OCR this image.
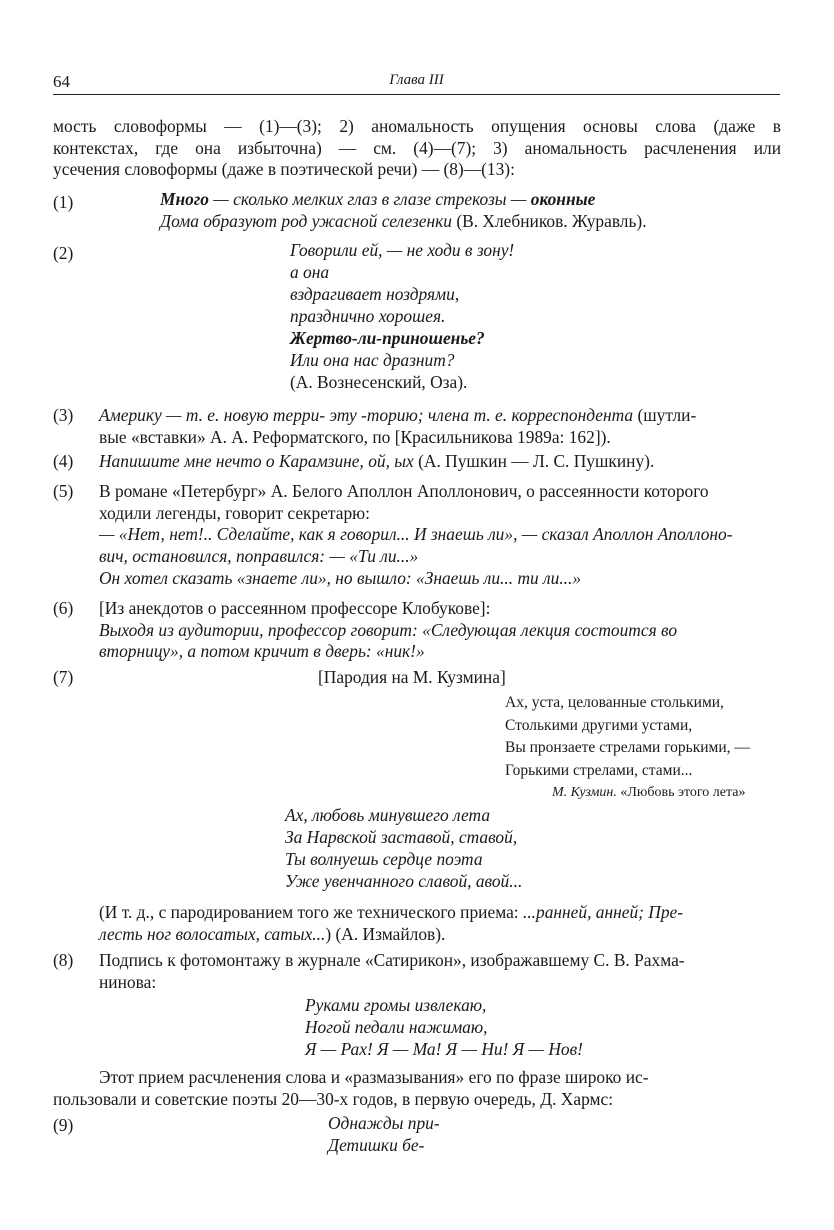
64	Глава III
мость словоформы — (1)—(3); 2) аномальность опущения основы слова (даже в
контекстах, где она избыточна) — см. (4)—(7); 3) аномальность расчленения или
усечения словоформы (даже в поэтической речи) — (8)—(13):
(1)	Много — сколько мелких глаз в глазе стрекозы — оконные
Дома образуют род ужасной селезенки (В. Хлебников. Журавль).
(2)	Говорили ей, — не ходи в зону!
а она
вздрагивает ноздрями,
празднично хорошея.
Жертво-ли-приношенье?
Или она нас дразнит?
(А. Вознесенский, Оза).
(3) Америку — т. е. новую терри- эту -торию; члена т. е. корреспондента (шутли-
вые «вставки» А. А. Реформатского, по [Красильникова 1989а: 162]).
(4) Напишите мне нечто о Карамзине, ой, ых (А. Пушкин — Л. С. Пушкину).
(5) В романе «Петербург» А. Белого Аполлон Аполлонович, о рассеянности которого
ходили легенды, говорит секретарю:
— «Нет, нет!.. Сделайте, как я говорил... И знаешь ли», — сказал Аполлон Аполлоно-
вич, остановился, поправился: — «Ти ли...»
Он хотел сказать «знаете ли», но вышло: «Знаешь ли... ти ли...»
(6) [Из анекдотов о рассеянном профессоре Клобукове]:
Выходя из аудитории, профессор говорит: «Следующая лекция состоится во
вторницу», а потом кричит в дверь: «ник!»
(7)	[Пародия на М. Кузмина]
Ах, уста, целованные столькими,
Столькими другими устами,
Вы пронзаете стрелами горькими, —
Горькими стрелами, стами...
М. Кузмин. «Любовь этого лета»
Ах, любовь минувшего лета
За Нарвской заставой, ставой,
Ты волнуешь сердце поэта
Уже увенчанного славой, авой...
(И т. д., с пародированием того же технического приема: ...ранней, анней; Пре-
лесть ног волосатых, сатых...) (А. Измайлов).
(8) Подпись к фотомонтажу в журнале «Сатирикон», изображавшему С. В. Рахма-
нинова:
Руками громы извлекаю,
Ногой педали нажимаю,
Я — Рах! Я — Ма! Я — Ни! Я — Нов!
Этот прием расчленения слова и «размазывания» его по фразе широко ис-
пользовали и советские поэты 20—30-х годов, в первую очередь, Д. Хармс:
(9)	Однажды при-
Детишки бе-
